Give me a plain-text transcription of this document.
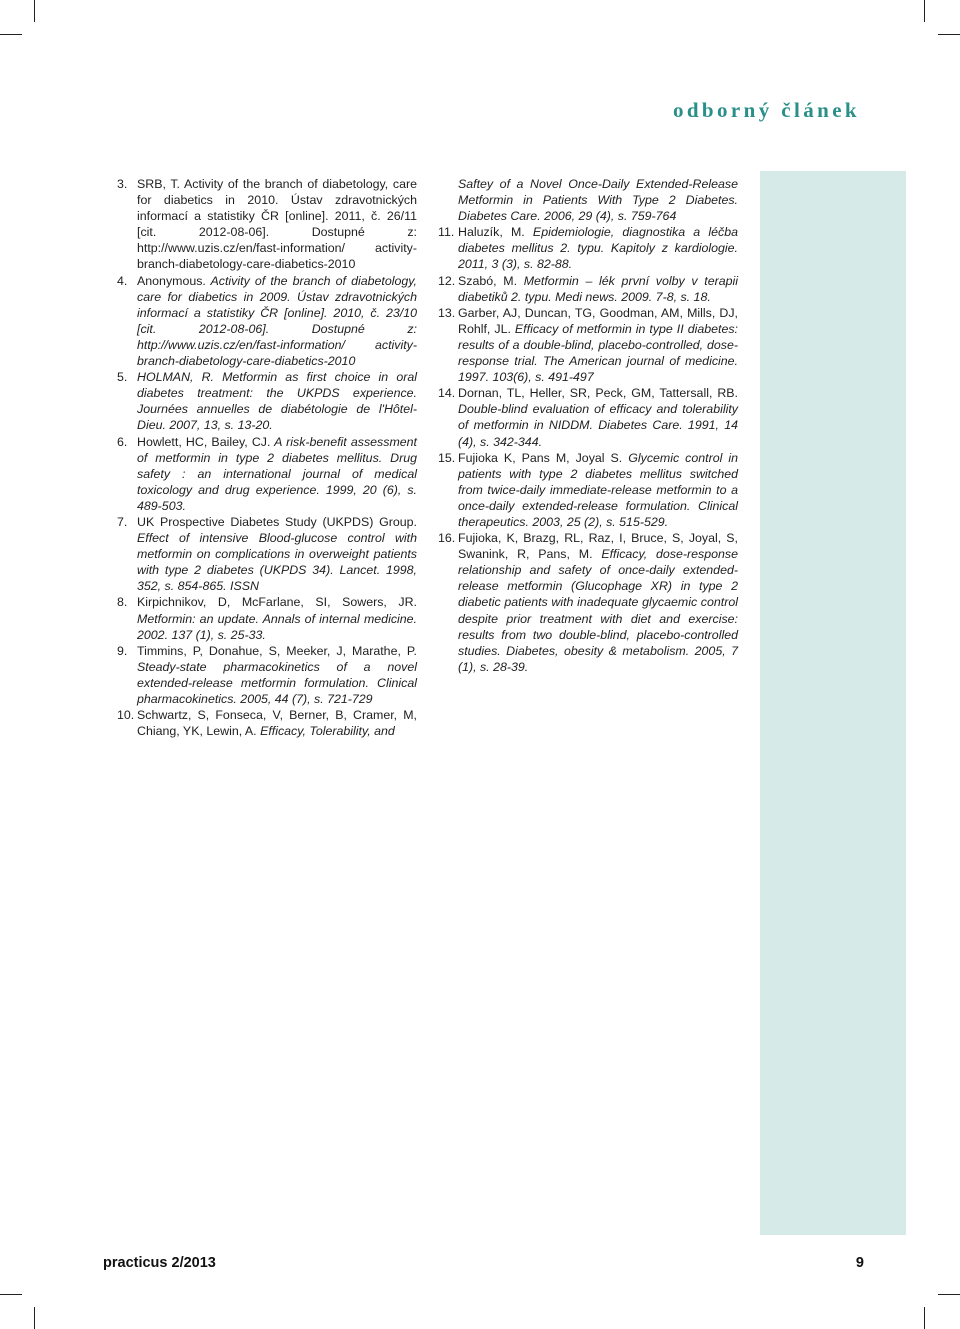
odborný článek
3. SRB, T. Activity of the branch of diabetology, care for diabetics in 2010. Ústav zdravotnických informací a statistiky ČR [online]. 2011, č. 26/11 [cit. 2012-08-06]. Dostupné z: http://www.uzis.cz/en/fast-information/ activity-branch-diabetology-care-diabetics-2010
4. Anonymous. Activity of the branch of diabetology, care for diabetics in 2009. Ústav zdravotnických informací a statistiky ČR [online]. 2010, č. 23/10 [cit. 2012-08-06]. Dostupné z: http://www.uzis.cz/en/fast-information/ activity-branch-diabetology-care-diabetics-2010
5. HOLMAN, R. Metformin as first choice in oral diabetes treatment: the UKPDS experience. Journées annuelles de diabétologie de l'Hôtel-Dieu. 2007, 13, s. 13-20.
6. Howlett, HC, Bailey, CJ. A risk-benefit assessment of metformin in type 2 diabetes mellitus. Drug safety : an international journal of medical toxicology and drug experience. 1999, 20 (6), s. 489-503.
7. UK Prospective Diabetes Study (UKPDS) Group. Effect of intensive Blood-glucose control with metformin on complications in overweight patients with type 2 diabetes (UKPDS 34). Lancet. 1998, 352, s. 854-865. ISSN
8. Kirpichnikov, D, McFarlane, SI, Sowers, JR. Metformin: an update. Annals of internal medicine. 2002. 137 (1), s. 25-33.
9. Timmins, P, Donahue, S, Meeker, J, Marathe, P. Steady-state pharmacokinetics of a novel extended-release metformin formulation. Clinical pharmacokinetics. 2005, 44 (7), s. 721-729
10. Schwartz, S, Fonseca, V, Berner, B, Cramer, M, Chiang, YK, Lewin, A. Efficacy, Tolerability, and
Saftey of a Novel Once-Daily Extended-Release Metformin in Patients With Type 2 Diabetes. Diabetes Care. 2006, 29 (4), s. 759-764
11. Haluzík, M. Epidemiologie, diagnostika a léčba diabetes mellitus 2. typu. Kapitoly z kardiologie. 2011, 3 (3), s. 82-88.
12. Szabó, M. Metformin – lék první volby v terapii diabetiků 2. typu. Medi news. 2009. 7-8, s. 18.
13. Garber, AJ, Duncan, TG, Goodman, AM, Mills, DJ, Rohlf, JL. Efficacy of metformin in type II diabetes: results of a double-blind, placebo-controlled, dose-response trial. The American journal of medicine. 1997. 103(6), s. 491-497
14. Dornan, TL, Heller, SR, Peck, GM, Tattersall, RB. Double-blind evaluation of efficacy and tolerability of metformin in NIDDM. Diabetes Care. 1991, 14 (4), s. 342-344.
15. Fujioka K, Pans M, Joyal S. Glycemic control in patients with type 2 diabetes mellitus switched from twice-daily immediate-release metformin to a once-daily extended-release formulation. Clinical therapeutics. 2003, 25 (2), s. 515-529.
16. Fujioka, K, Brazg, RL, Raz, I, Bruce, S, Joyal, S, Swanink, R, Pans, M. Efficacy, dose-response relationship and safety of once-daily extended-release metformin (Glucophage XR) in type 2 diabetic patients with inadequate glycaemic control despite prior treatment with diet and exercise: results from two double-blind, placebo-controlled studies. Diabetes, obesity & metabolism. 2005, 7 (1), s. 28-39.
practicus 2/2013	9
